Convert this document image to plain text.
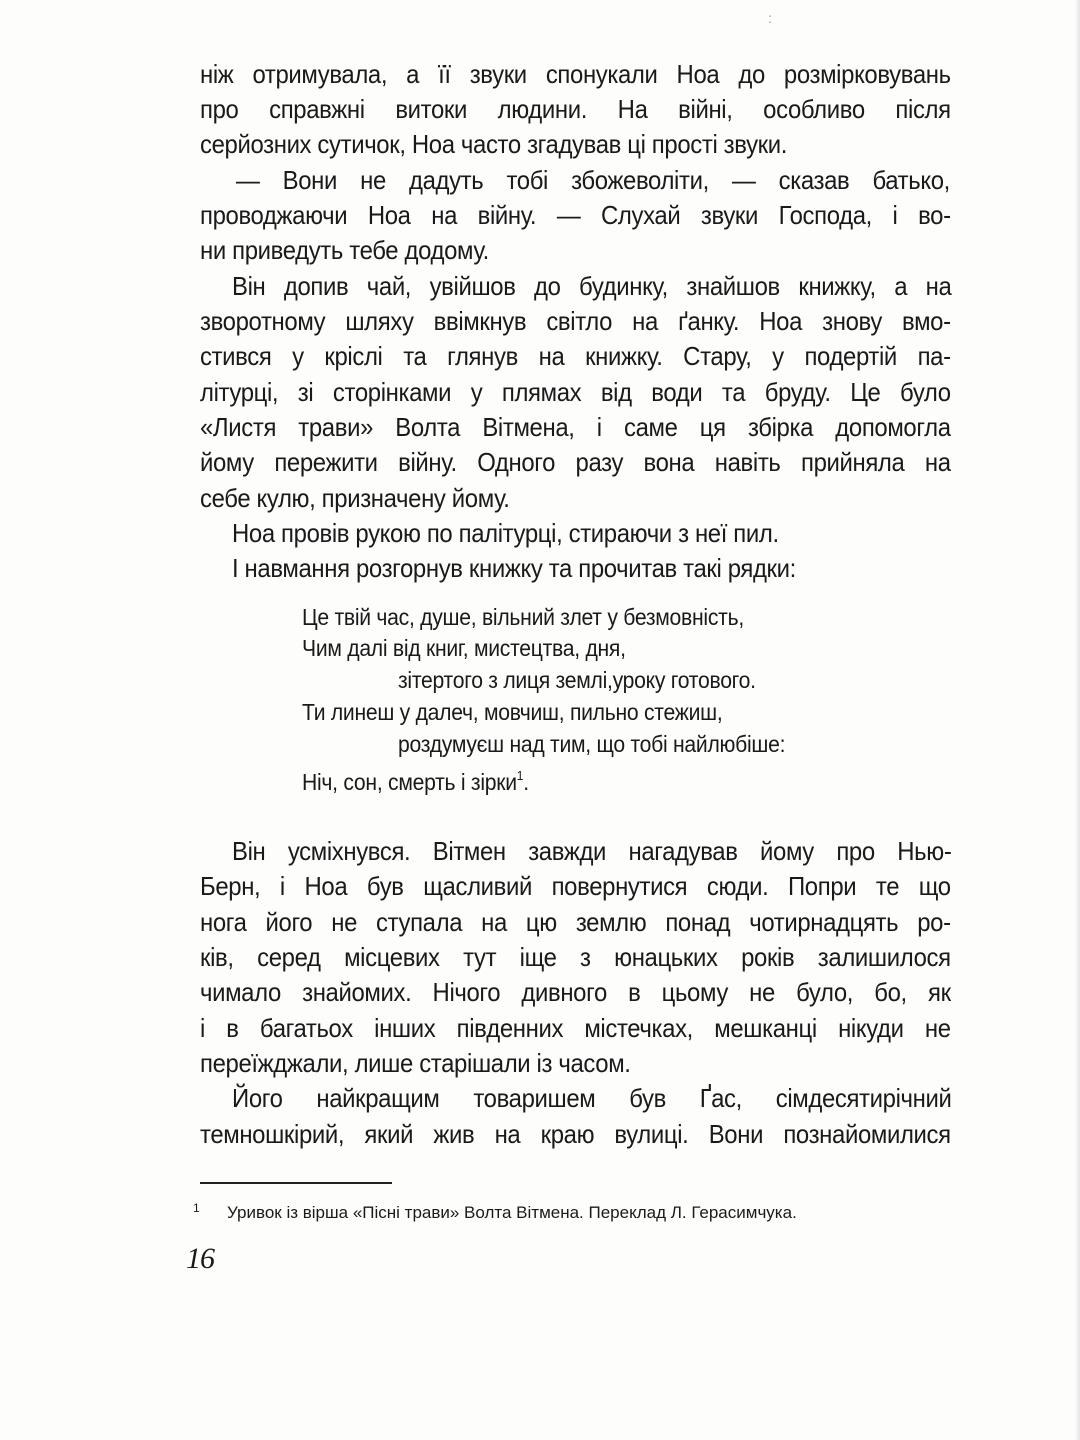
:
ніж отримувала, а її звуки спонукали Ноа до розмірковувань
про справжні витоки людини. На війні, особливо після
серйозних сутичок, Ноа часто згадував ці прості звуки.
— Вони не дадуть тобі збожеволіти, — сказав батько,
проводжаючи Ноа на війну. — Слухай звуки Господа, і во-
ни приведуть тебе додому.
Він допив чай, увійшов до будинку, знайшов книжку, а на
зворотному шляху ввімкнув світло на ґанку. Ноа знову вмо-
стився у кріслі та глянув на книжку. Стару, у подертій па-
літурці, зі сторінками у плямах від води та бруду. Це було
«Листя трави» Волта Вітмена, і саме ця збірка допомогла
йому пережити війну. Одного разу вона навіть прийняла на
себе кулю, призначену йому.
Ноа провів рукою по палітурці, стираючи з неї пил.
І навмання розгорнув книжку та прочитав такі рядки:
Це твій час, душе, вільний злет у безмовність,
Чим далі від книг, мистецтва, дня,
зітертого з лиця землі,уроку готового.
Ти линеш у далеч, мовчиш, пильно стежиш,
роздумуєш над тим, що тобі найлюбіше:
Ніч, сон, смерть і зірки$^1$.
Він усміхнувся. Вітмен завжди нагадував йому про Нью-
Берн, і Ноа був щасливий повернутися сюди. Попри те що
нога його не ступала на цю землю понад чотирнадцять ро-
ків, серед місцевих тут іще з юнацьких років залишилося
чимало знайомих. Нічого дивного в цьому не було, бо, як
і в багатьох інших південних містечках, мешканці нікуди не
переїжджали, лише старішали із часом.
Його найкращим товаришем був Ґас, сімдесятирічний
темношкірий, який жив на краю вулиці. Вони познайомилися
1 Уривок із вірша «Пісні трави» Волта Вітмена. Переклад Л. Герасимчука.
16
